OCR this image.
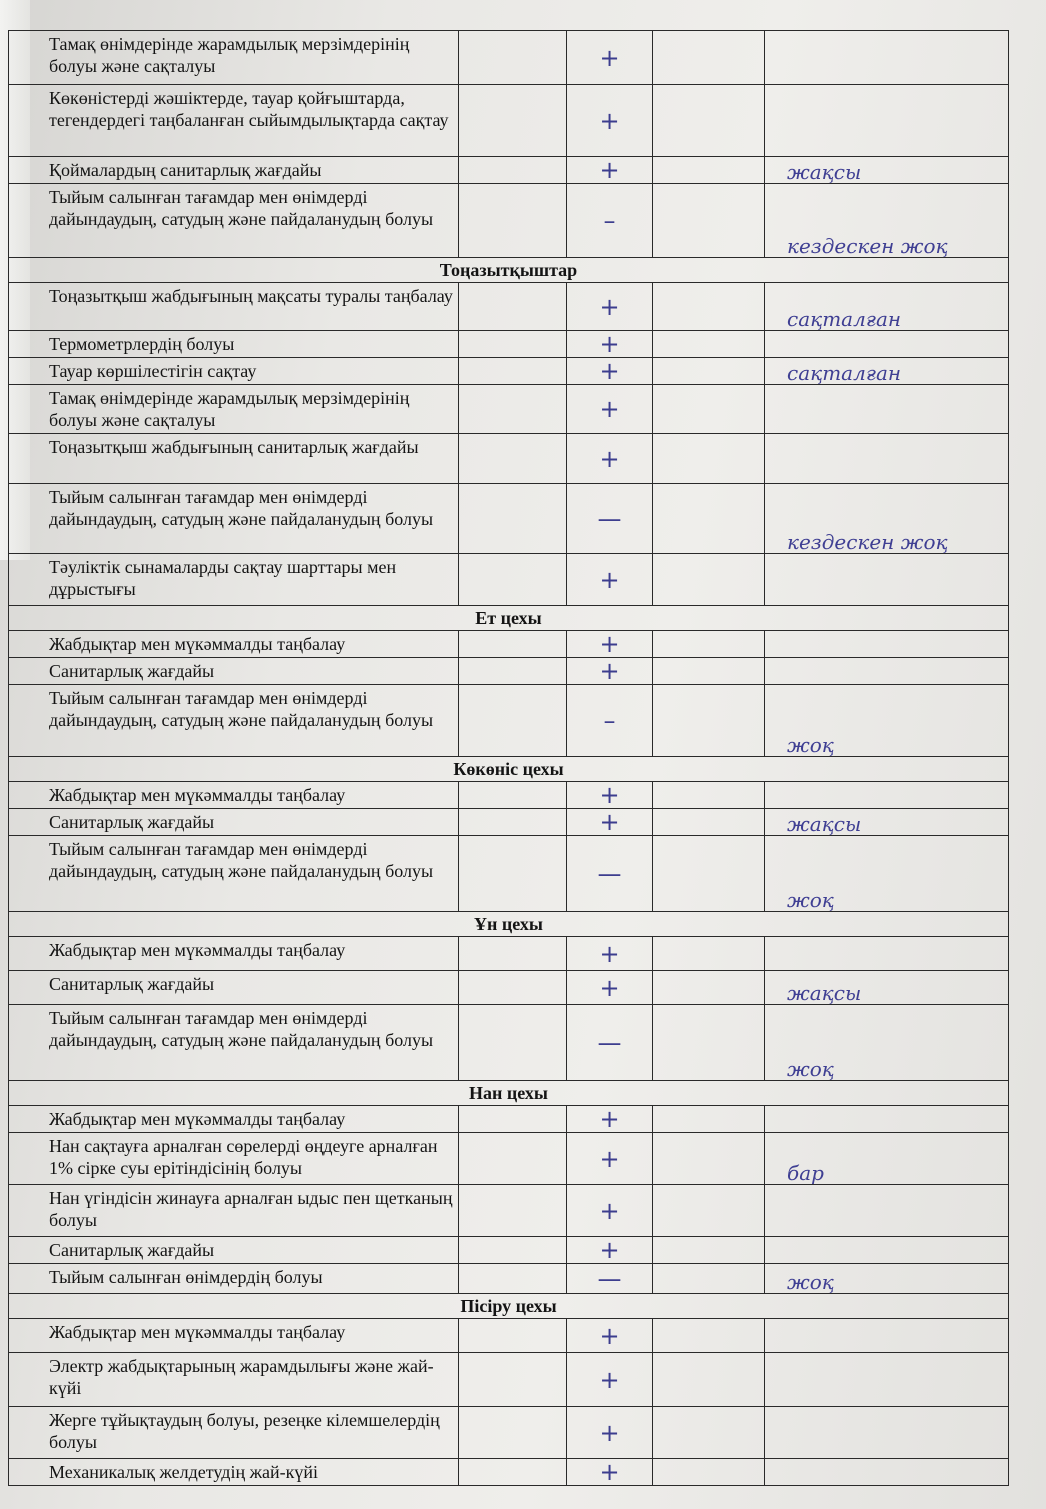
Тамақ өнімдерінде жарамдылық мерзімдерінің болуы және сақталуы		+		
Көкөністерді жәшіктерде, тауар қойғыштарда, тегендердегі таңбаланған сыйымдылықтарда сақтау		+		
Қоймалардың санитарлық жағдайы		+		жақсы
Тыйым салынған тағамдар мен өнімдерді дайындаудың, сатудың және пайдаланудың болуы		–		кездескен жоқ
Тоңазытқыштар				
Тоңазытқыш жабдығының мақсаты туралы таңбалау		+		сақталған
Термометрлердің болуы		+		
Тауар көршілестігін сақтау		+		сақталған
Тамақ өнімдерінде жарамдылық мерзімдерінің болуы және сақталуы		+		
Тоңазытқыш жабдығының санитарлық жағдайы		+		
Тыйым салынған тағамдар мен өнімдерді дайындаудың, сатудың және пайдаланудың болуы		—		кездескен жоқ
Тәуліктік сынамаларды сақтау шарттары мен дұрыстығы		+		
Ет цехы				
Жабдықтар мен мүкәммалды таңбалау		+		
Санитарлық жағдайы		+		
Тыйым салынған тағамдар мен өнімдерді дайындаудың, сатудың және пайдаланудың болуы		–		жоқ
Көкөніс цехы				
Жабдықтар мен мүкәммалды таңбалау		+		
Санитарлық жағдайы		+		жақсы
Тыйым салынған тағамдар мен өнімдерді дайындаудың, сатудың және пайдаланудың болуы		—		жоқ
Ұн цехы				
Жабдықтар мен мүкәммалды таңбалау		+		
Санитарлық жағдайы		+		жақсы
Тыйым салынған тағамдар мен өнімдерді дайындаудың, сатудың және пайдаланудың болуы		—		жоқ
Нан цехы				
Жабдықтар мен мүкәммалды таңбалау		+		
Нан сақтауға арналған сөрелерді өңдеуге арналған 1% сірке суы ерітіндісінің болуы		+		бар
Нан үгіндісін жинауға арналған ыдыс пен щетканың болуы		+		
Санитарлық жағдайы		+		
Тыйым салынған өнімдердің болуы		—		жоқ
Пісіру цехы				
Жабдықтар мен мүкәммалды таңбалау		+		
Электр жабдықтарының жарамдылығы және жай-күйі		+		
Жерге тұйықтаудың болуы, резеңке кілемшелердің болуы		+		
Механикалық желдетудің жай-күйі		+		
